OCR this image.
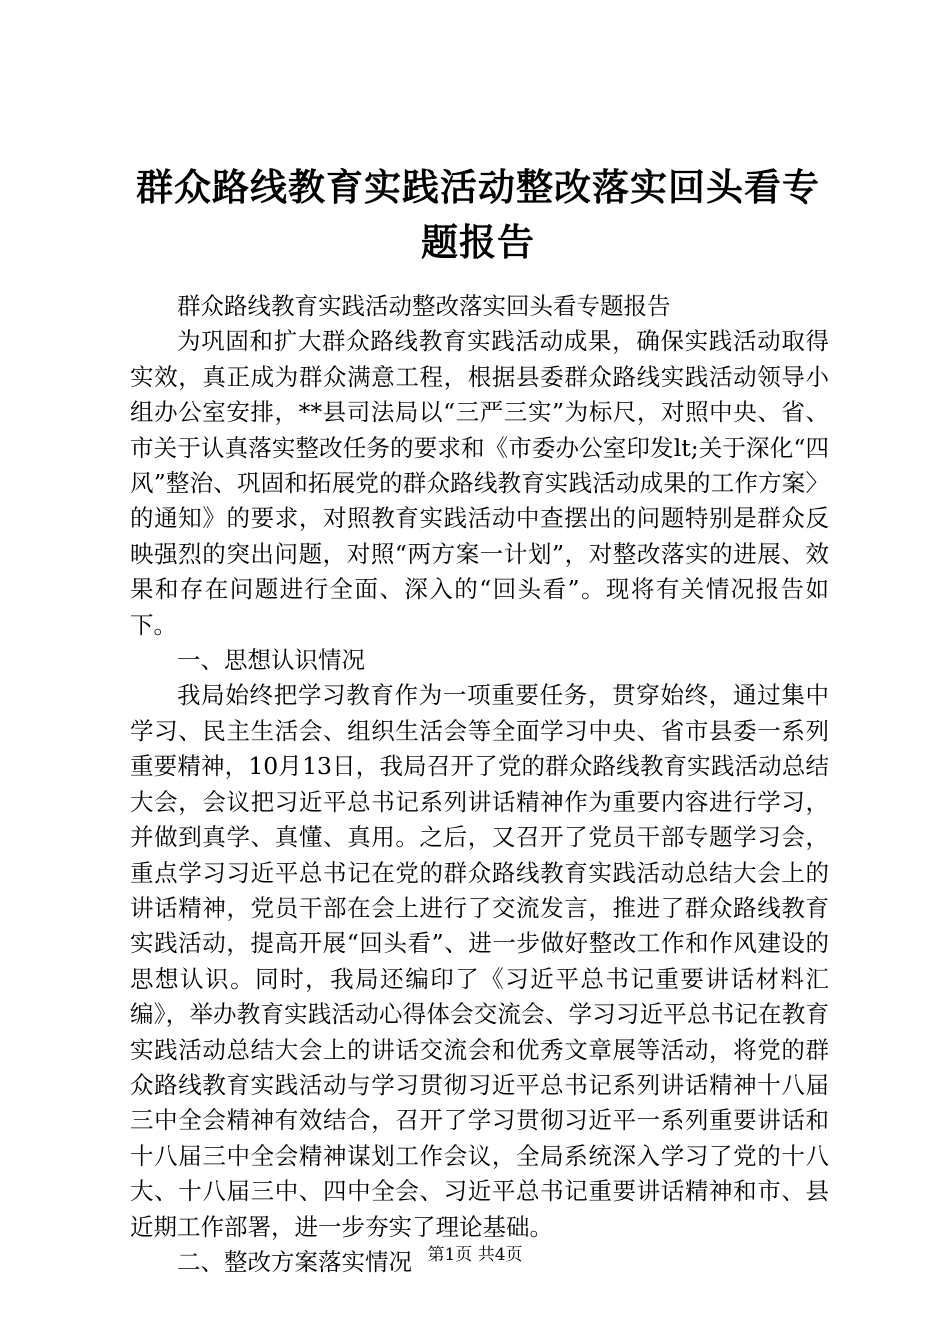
群众路线教育实践活动整改落实回头看专题报告

群众路线教育实践活动整改落实回头看专题报告

为巩固和扩大群众路线教育实践活动成果，确保实践活动取得实效，真正成为群众满意工程，根据县委群众路线实践活动领导小组办公室安排，**县司法局以“三严三实”为标尺，对照中央、省、市关于认真落实整改任务的要求和《市委办公室印发lt;关于深化“四风”整治、巩固和拓展党的群众路线教育实践活动成果的工作方案〉的通知》的要求，对照教育实践活动中查摆出的问题特别是群众反映强烈的突出问题，对照“两方案一计划”，对整改落实的进展、效果和存在问题进行全面、深入的“回头看”。现将有关情况报告如下。

一、思想认识情况

我局始终把学习教育作为一项重要任务，贯穿始终，通过集中学习、民主生活会、组织生活会等全面学习中央、省市县委一系列重要精神，10月13日，我局召开了党的群众路线教育实践活动总结大会，会议把习近平总书记系列讲话精神作为重要内容进行学习，并做到真学、真懂、真用。之后，又召开了党员干部专题学习会，重点学习习近平总书记在党的群众路线教育实践活动总结大会上的讲话精神，党员干部在会上进行了交流发言，推进了群众路线教育实践活动，提高开展“回头看”、进一步做好整改工作和作风建设的思想认识。同时，我局还编印了《习近平总书记重要讲话材料汇编》，举办教育实践活动心得体会交流会、学习习近平总书记在教育实践活动总结大会上的讲话交流会和优秀文章展等活动，将党的群众路线教育实践活动与学习贯彻习近平总书记系列讲话精神十八届三中全会精神有效结合，召开了学习贯彻习近平一系列重要讲话和十八届三中全会精神谋划工作会议，全局系统深入学习了党的十八大、十八届三中、四中全会、习近平总书记重要讲话精神和市、县近期工作部署，进一步夯实了理论基础。

二、整改方案落实情况 第1页 共4页
